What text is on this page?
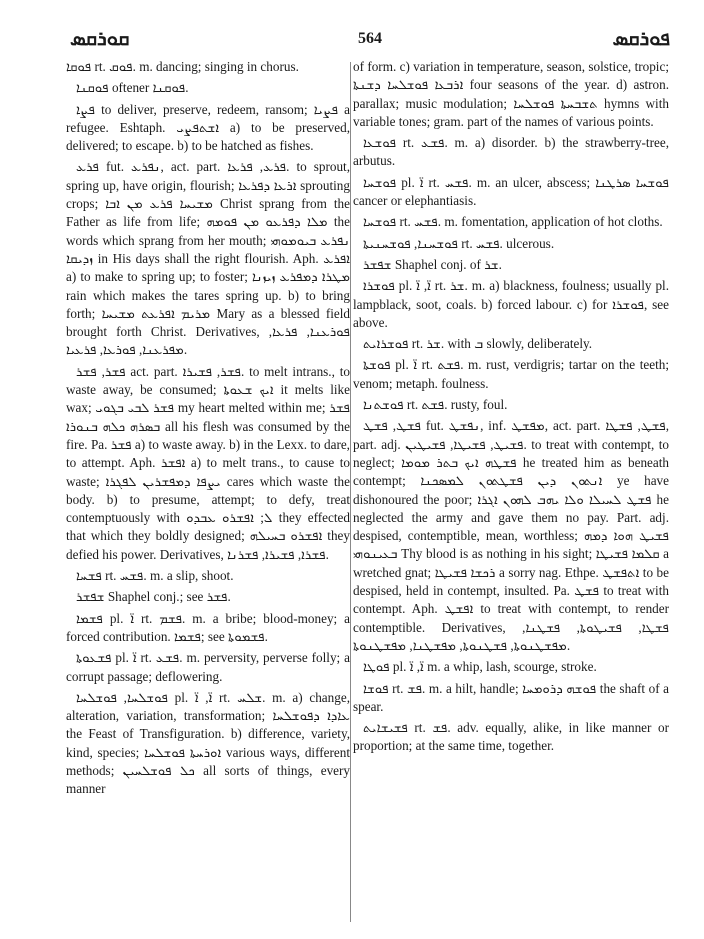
ܩܘܪܩܣ	564	ܦܘܪܩܣ

ܦܘܩܐ rt. ܦܘܩ. m. dancing; singing in chorus.

ܦܘܩܢܐ oftener ܦܘܩܢܐ.

ܦܨܐ to deliver, preserve, redeem, ransom; ܦܨܝܐ a refugee. Eshtaph. ܐܫܬܦܨܝ a) to be preserved, delivered; to escape. b) to be hatched as fishes.

ܦܪܥ fut. ܢܦܪܥ, act. part. ܦܪܥ, ܦܪܥܐ. to sprout, spring up, have origin, flourish; ܐܪܥܐ ܕܦܪܥܐ sprouting crops; ܡܫܝܚܐ ܦܪܥ ܡܢ ܐܒܐ Christ sprang from the Father as life from life; ܡܠܐ ܕܦܪܥܘ ܡܢ ܦܘܡܗ the words which sprang from her mouth; ܢܦܪܥ ܒܝܘܡܘܗܝ ܙܕܝܩܐ in His days shall the right flourish. Aph. ܐܦܪܥ a) to make to spring up; to foster; ܡܛܪܐ ܕܡܦܪܥ ܙܝܙܢܐ rain which makes the tares spring up. b) to bring forth; ܡܪܝܡ ܐܦܪܥܬ ܡܫܝܚܐ Mary as a blessed field brought forth Christ. Derivatives, ܦܘܪܥܢܐ, ܦܪܥܐ, ܡܦܪܥܢܐ, ܦܘܪܥܐ, ܦܪܥܝܐ.

ܦܫܪ, ܦܫܪ act. part. ܦܫܪ, ܦܫܝܪܐ. to melt intrans., to waste away, be consumed; ܐܝܟ ܫܥܘܬܐ it melts like wax; ܦܫܪ ܠܒܝ ܒܓܘܝ my heart melted within me; ܦܫܪ ܒܣܪܗ ܟܠܗ ܒܢܘܪܐ all his flesh was consumed by the fire. Pa. ܦܫܪ a) to waste away. b) in the Lexx. to dare, to attempt. Aph. ܐܦܫܪ a) to melt trans., to cause to waste; ܝܨܦܐ ܕܡܦܫܪܝܢ ܠܦܓܪܐ cares which waste the body. b) to presume, attempt; to defy, treat contemptuously with ܠ; ܐܦܫܪܘ ܥܒܕܘ they effected that which they boldly designed; ܐܦܫܪܘ ܒܚܝܠܗ they defied his power. Derivatives, ܦܫܪܐ, ܦܫܝܪܐ, ܦܫܪܢܐ.

ܦܫܚܐ rt. ܦܫܚ. m. a slip, shoot.

ܫܦܫܪ Shaphel conj.; see ܦܫܪ.

ܦܫܡܐ pl. ܐ̈ rt. ܦܫܡ. m. a bribe; blood-money; a forced contribution. ܦܫܡܐ; see ܦܫܡܘܬܐ.

ܦܫܥܘܬܐ pl. ܐ̈ rt. ܦܫܥ. m. perversity, perverse folly; a corrupt passage; deflowering.

ܦܘܫܠܚܐ, ܦܘܫܠܚܐ pl. ܐ̈, ܐ̈ rt. ܫܠܚ. m. a) change, alteration, variation, transformation; ܥܐܕܐ ܕܦܘܫܠܚܐ the Feast of Transfiguration. b) difference, variety, kind, species; ܐܘܪܚܬܐ ܦܘܫܠܚܐ various ways, different methods; ܟܠ ܦܘܫܠܚܝܢ all sorts of things, every manner

of form. c) variation in temperature, season, solstice, tropic; ܐܪܒܥܐ ܦܘܫܠܚܐ ܕܫܢܬܐ four seasons of the year. d) astron. parallax; music modulation; ܬܫܒܚܬܐ ܦܘܫܠܚܐ hymns with variable tones; gram. part of the names of various points.

ܦܘܫܥܐ rt. ܦܫܥ. m. a) disorder. b) the strawberry-tree, arbutus.

ܦܘܫܚܐ pl. ܐ̈ rt. ܦܫܚ. m. an ulcer, abscess; ܦܘܫܚܐ ܣܪܛܢܐ cancer or elephantiasis.

ܦܘܫܚܐ rt. ܦܫܚ. m. fomentation, application of hot cloths.

ܦܘܫܚܢܐ, ܦܘܫܚܢܝܬܐ rt. ܦܫܚ. ulcerous.

ܫܦܫܪ Shaphel conj. of ܫܪ.

ܦܘܫܪܐ pl. ܐ̈, ܐ̈ rt. ܫܪ. m. a) blackness, foulness; usually pl. lampblack, soot, coals. b) forced labour. c) for ܦܘܫܪܐ, see above.

ܦܘܫܪܐܝܬ rt. ܫܪ. with ܒ slowly, deliberately.

ܦܘܫܬܐ pl. ܐ̈ rt. ܦܫܬ. m. rust, verdigris; tartar on the teeth; venom; metaph. foulness.

ܦܘܫܬܢܐ rt. ܦܫܬ. rusty, foul.

ܦܫܛ, ܦܫܛ fut. ܢܦܫܛ, inf. ܡܦܫܛ, act. part. ܦܫܛ, ܦܫܛܐ, part. adj. ܦܫܝܛ, ܦܫܝܛܐ, ܦܫܝܛܝܢ. to treat with contempt, to neglect; ܦܫܛܗ ܐܝܟ ܒܬܪ ܡܘܡܐ he treated him as beneath contempt; ܐܢܬܘܢ ܕܝܢ ܦܫܛܬܘܢ ܠܡܣܟܢܐ ye have dishonoured the poor; ܦܫܛ ܠܚܝܠܐ ܘܠܐ ܝܗܒ ܠܗܘܢ ܐܓܪܐ he neglected the army and gave them no pay. Part. adj. despised, contemptible, mean, worthless; ܦܫܝܛ ܗܘܐ ܕܡܗ ܒܥܝܢܘܗܝ Thy blood is as nothing in his sight; ܩܠܡܐ ܦܫܝܛܐ a wretched gnat; ܪܟܫܐ ܦܫܝܛܐ a sorry nag. Ethpe. ܐܬܦܫܛ to be despised, held in contempt, insulted. Pa. ܦܫܛ to treat with contempt. Aph. ܐܦܫܛ to treat with contempt, to render contemptible. Derivatives, ܦܫܛܐ, ܦܫܝܛܘܬܐ, ܦܫܛܢܐ, ܡܦܫܛܢܘܬܐ, ܦܫܛܢܘܬܐ, ܡܦܫܛܢܐ, ܡܦܫܛܢܘܬܐ.

ܦܘܛܐ pl. ܐ̈, ܐ̈ m. a whip, lash, scourge, stroke.

ܦܘܫܐ rt. ܦܫ. m. a hilt, handle; ܦܘܫܗ ܕܪܘܡܚܐ the shaft of a spear.

ܦܫܝܫܐܝܬ rt. ܦܫ. adv. equally, alike, in like manner or proportion; at the same time, together.
